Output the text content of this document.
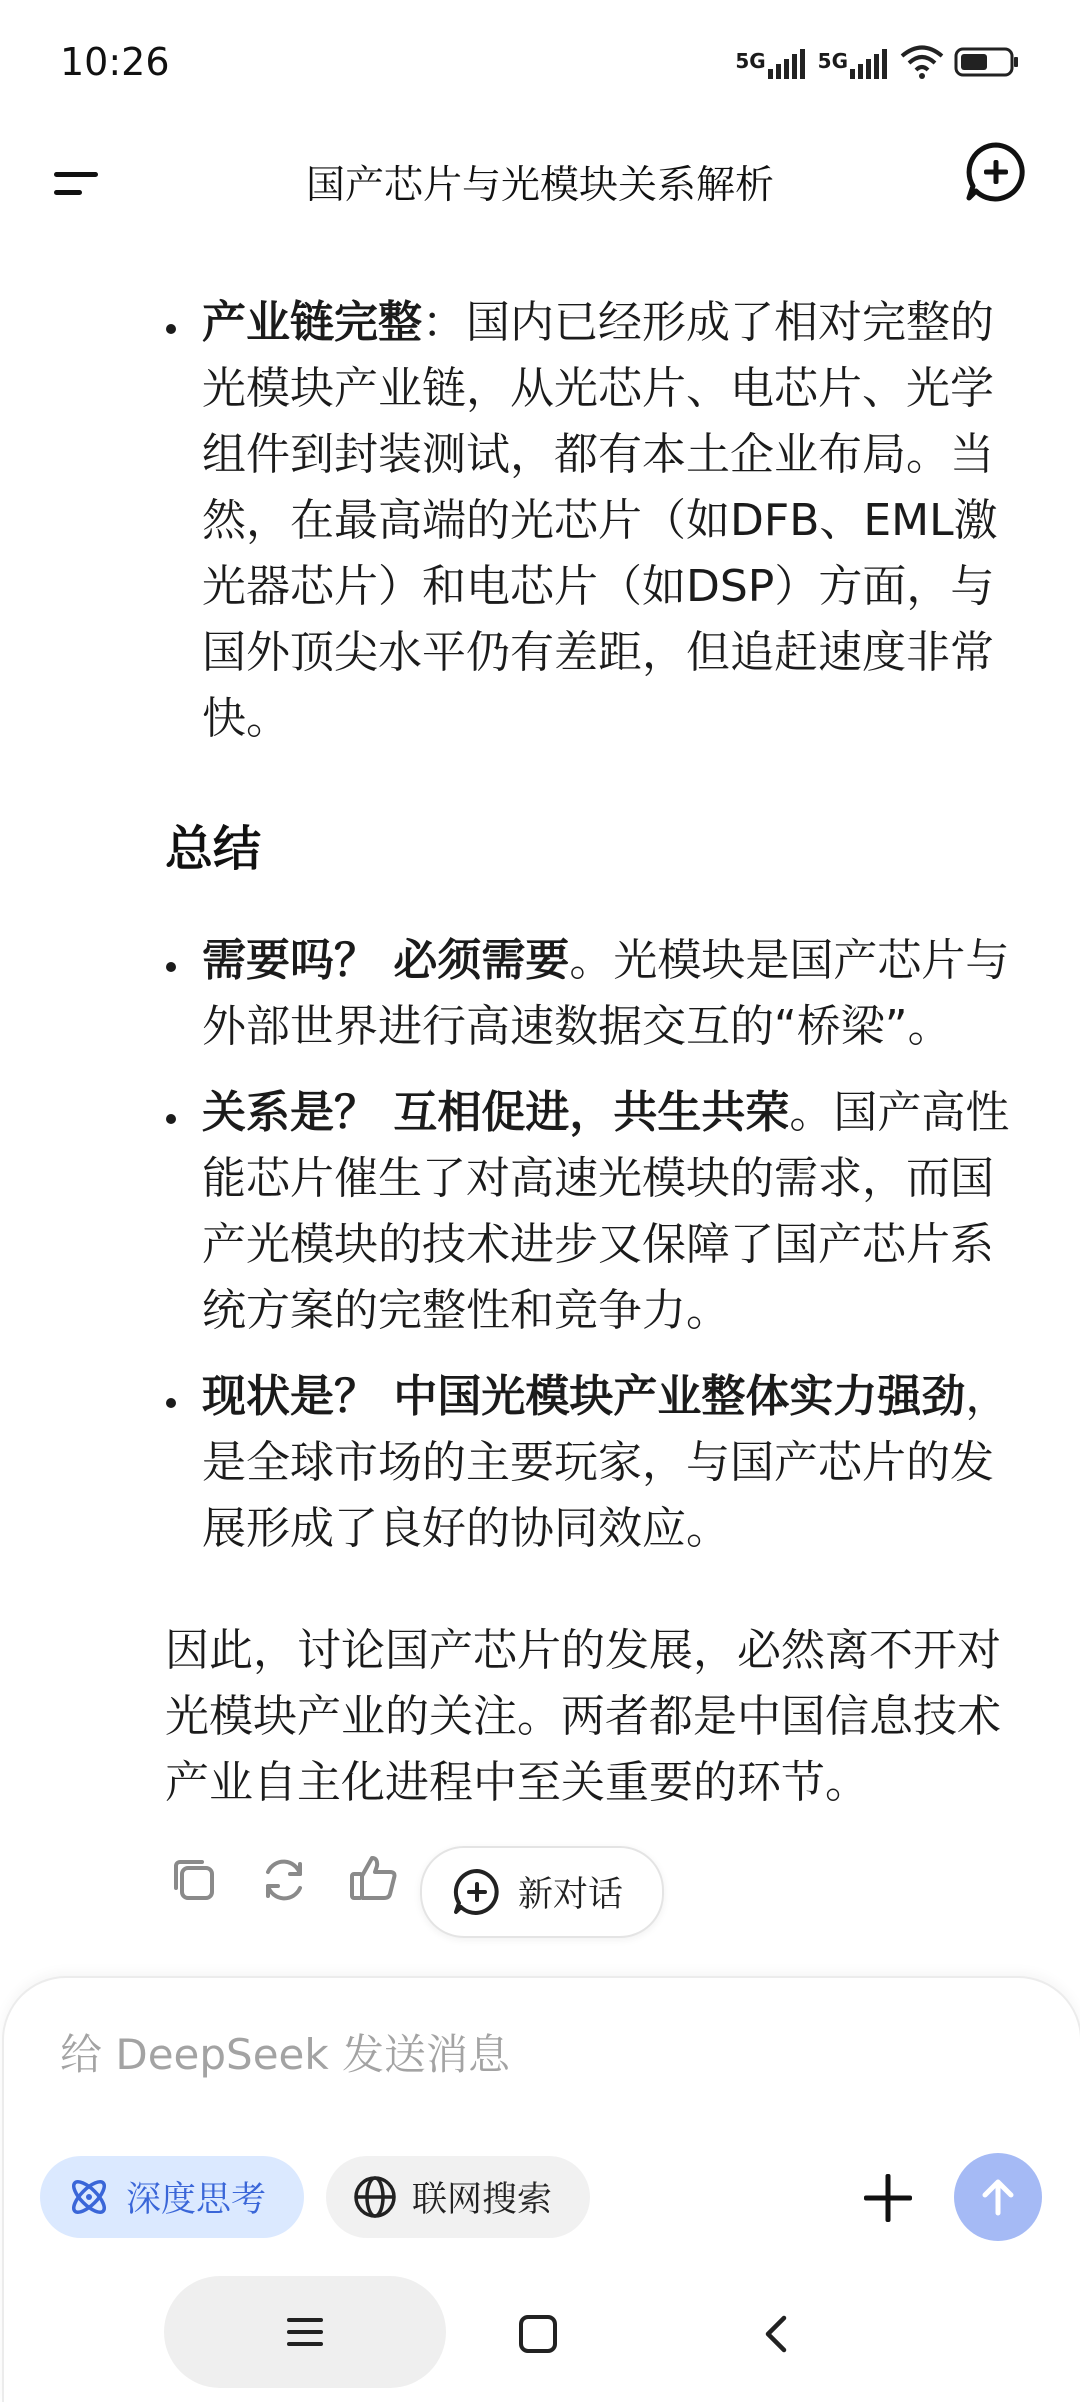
10:26	5G	5G
国产芯片与光模块关系解析
产业链完整：国内已经形成了相对完整的
光模块产业链，从光芯片、电芯片、光学
组件到封装测试，都有本土企业布局。当
然，在最高端的光芯片（如DFB、EML激
光器芯片）和电芯片（如DSP）方面，与
国外顶尖水平仍有差距，但追赶速度非常
快。
总结
需要吗？ 必须需要。光模块是国产芯片与
外部世界进行高速数据交互的“桥梁”。
关系是？ 互相促进，共生共荣。国产高性
能芯片催生了对高速光模块的需求，而国
产光模块的技术进步又保障了国产芯片系
统方案的完整性和竞争力。
现状是？ 中国光模块产业整体实力强劲，
是全球市场的主要玩家，与国产芯片的发
展形成了良好的协同效应。
因此，讨论国产芯片的发展，必然离不开对
光模块产业的关注。两者都是中国信息技术
产业自主化进程中至关重要的环节。
新对话
给 DeepSeek 发送消息
深度思考	联网搜索
